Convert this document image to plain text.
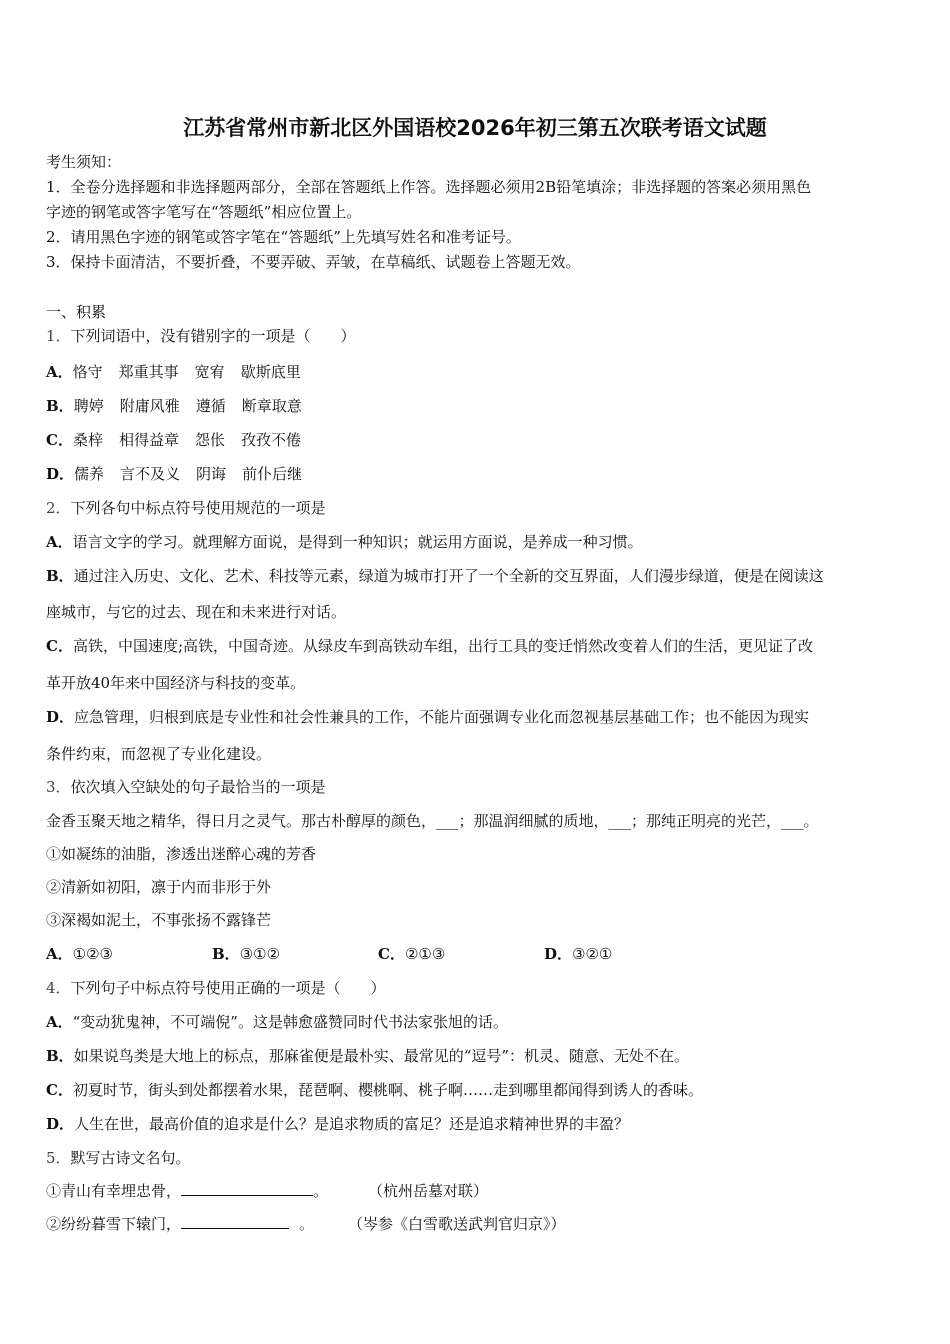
江苏省常州市新北区外国语校2026年初三第五次联考语文试题
考生须知：
1．全卷分选择题和非选择题两部分，全部在答题纸上作答。选择题必须用2B铅笔填涂；非选择题的答案必须用黑色
字迹的钢笔或答字笔写在“答题纸”相应位置上。
2．请用黑色字迹的钢笔或答字笔在“答题纸”上先填写姓名和准考证号。
3．保持卡面清洁，不要折叠，不要弄破、弄皱，在草稿纸、试题卷上答题无效。
一、积累
1．下列词语中，没有错别字的一项是（　　）
A．恪守 郑重其事 宽宥 歇斯底里
B．聘婷 附庸风雅 遵循 断章取意
C．桑梓 相得益章 怨伥 孜孜不倦
D．儒养 言不及义 阴诲 前仆后继
2．下列各句中标点符号使用规范的一项是
A．语言文字的学习。就理解方面说，是得到一种知识；就运用方面说，是养成一种习惯。
B．通过注入历史、文化、艺术、科技等元素，绿道为城市打开了一个全新的交互界面，人们漫步绿道，便是在阅读这
座城市，与它的过去、现在和未来进行对话。
C．高铁，中国速度;高铁，中国奇迹。从绿皮车到高铁动车组，出行工具的变迁悄然改变着人们的生活，更见证了改
革开放40年来中国经济与科技的变革。
D．应急管理，归根到底是专业性和社会性兼具的工作，不能片面强调专业化而忽视基层基础工作；也不能因为现实
条件约束，而忽视了专业化建设。
3．依次填入空缺处的句子最恰当的一项是
金香玉聚天地之精华，得日月之灵气。那古朴醇厚的颜色，___；那温润细腻的质地，___；那纯正明亮的光芒，___。
①如凝练的油脂，渗透出迷醉心魂的芳香
②清新如初阳，凛于内而非形于外
③深褐如泥土，不事张扬不露锋芒
A．①②③	B．③①②	C．②①③	D．③②①
4．下列句子中标点符号使用正确的一项是（　　）
A．“变动犹鬼神，不可端倪”。这是韩愈盛赞同时代书法家张旭的话。
B．如果说鸟类是大地上的标点，那麻雀便是最朴实、最常见的“逗号”：机灵、随意、无处不在。
C．初夏时节，街头到处都摆着水果，琵琶啊、樱桃啊、桃子啊……走到哪里都闻得到诱人的香味。
D．人生在世，最高价值的追求是什么？是追求物质的富足？还是追求精神世界的丰盈？
5．默写古诗文名句。
①青山有幸埋忠骨，	。	（杭州岳墓对联）
②纷纷暮雪下辕门，	。 （岑参《白雪歌送武判官归京》）
